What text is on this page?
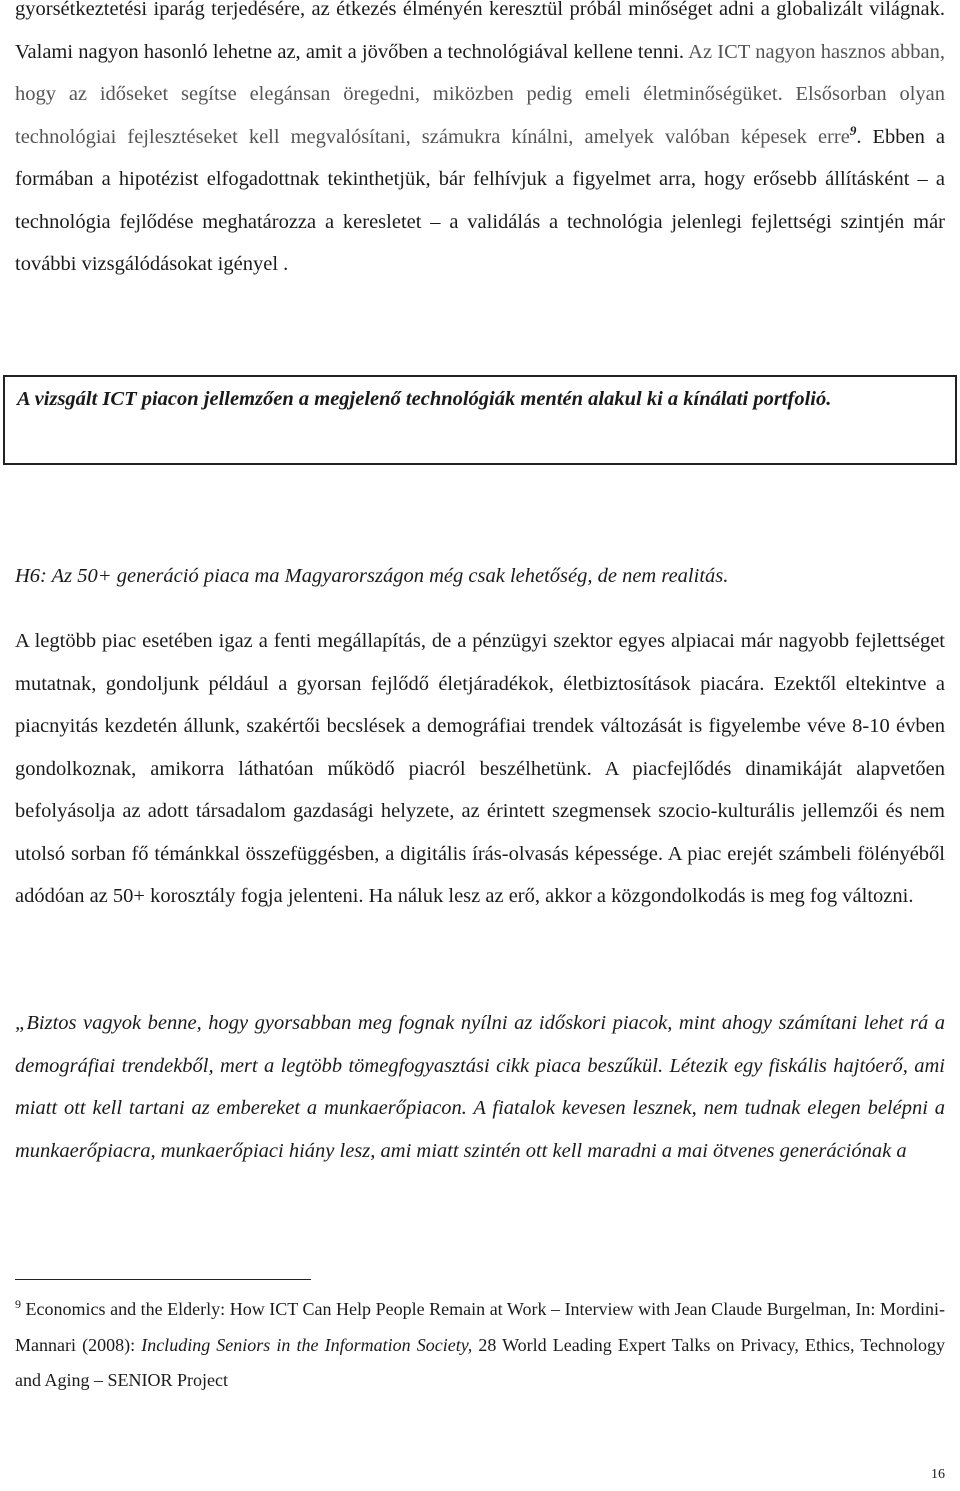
gyorsétkeztetési iparág terjedésére, az étkezés élményén keresztül próbál minőséget adni a globalizált világnak. Valami nagyon hasonló lehetne az, amit a jövőben a technológiával kellene tenni. Az ICT nagyon hasznos abban, hogy az időseket segítse elegánsan öregedni, miközben pedig emeli életminőségüket. Elsősorban olyan technológiai fejlesztéseket kell megvalósítani, számukra kínálni, amelyek valóban képesek erre$^9$. Ebben a formában a hipotézist elfogadottnak tekinthetjük, bár felhívjuk a figyelmet arra, hogy erősebb állításként – a technológia fejlődése meghatározza a keresletet – a validálás a technológia jelenlegi fejlettségi szintjén már további vizsgálódásokat igényel .

A vizsgált ICT piacon jellemzően a megjelenő technológiák mentén alakul ki a kínálati portfolió.

H6: Az 50+ generáció piaca ma Magyarországon még csak lehetőség, de nem realitás.

A legtöbb piac esetében igaz a fenti megállapítás, de a pénzügyi szektor egyes alpiacai már nagyobb fejlettséget mutatnak, gondoljunk például a gyorsan fejlődő életjáradékok, életbiztosítások piacára. Ezektől eltekintve a piacnyitás kezdetén állunk, szakértői becslések a demográfiai trendek változását is figyelembe véve 8-10 évben gondolkoznak, amikorra láthatóan működő piacról beszélhetünk. A piacfejlődés dinamikáját alapvetően befolyásolja az adott társadalom gazdasági helyzete, az érintett szegmensek szocio-kulturális jellemzői és nem utolsó sorban fő témánkkal összefüggésben, a digitális írás-olvasás képessége. A piac erejét számbeli fölényéből adódóan az 50+ korosztály fogja jelenteni. Ha náluk lesz az erő, akkor a közgondolkodás is meg fog változni.

„Biztos vagyok benne, hogy gyorsabban meg fognak nyílni az időskori piacok, mint ahogy számítani lehet rá a demográfiai trendekből, mert a legtöbb tömegfogyasztási cikk piaca beszűkül. Létezik egy fiskális hajtóerő, ami miatt ott kell tartani az embereket a munkaerőpiacon. A fiatalok kevesen lesznek, nem tudnak elegen belépni a munkaerőpiacra, munkaerőpiaci hiány lesz, ami miatt szintén ott kell maradni a mai ötvenes generációnak a

$^9$ Economics and the Elderly: How ICT Can Help People Remain at Work – Interview with Jean Claude Burgelman, In: Mordini-Mannari (2008): Including Seniors in the Information Society, 28 World Leading Expert Talks on Privacy, Ethics, Technology and Aging – SENIOR Project

16
